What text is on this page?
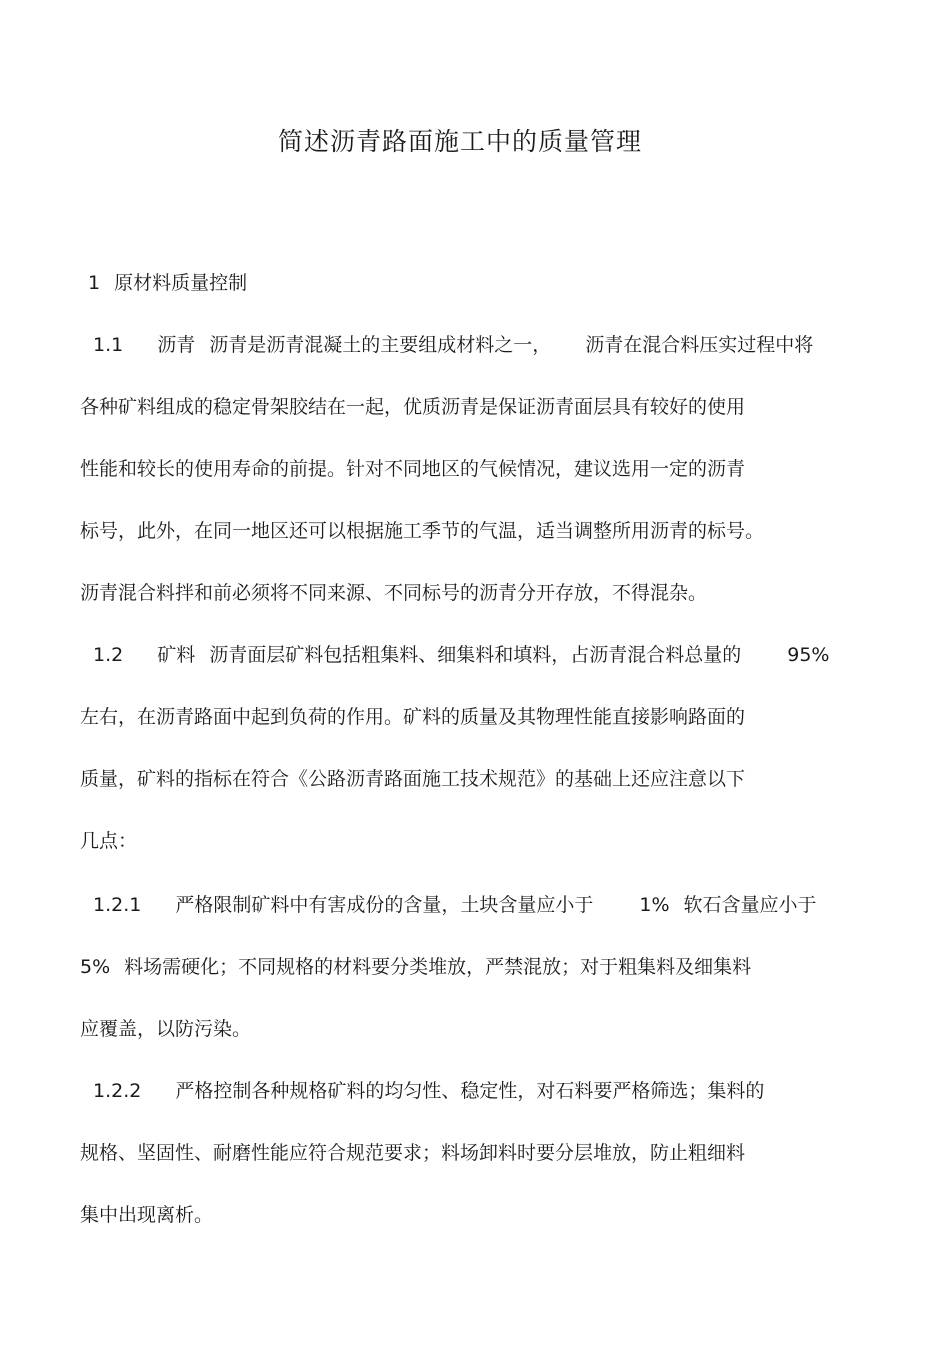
简述沥青路面施工中的质量管理
1 原材料质量控制
1.1 沥青 沥青是沥青混凝土的主要组成材料之一， 沥青在混合料压实过程中将
各种矿料组成的稳定骨架胶结在一起，优质沥青是保证沥青面层具有较好的使用
性能和较长的使用寿命的前提。针对不同地区的气候情况，建议选用一定的沥青
标号，此外，在同一地区还可以根据施工季节的气温，适当调整所用沥青的标号。
沥青混合料拌和前必须将不同来源、不同标号的沥青分开存放，不得混杂。
1.2 矿料 沥青面层矿料包括粗集料、细集料和填料，占沥青混合料总量的 95%
左右，在沥青路面中起到负荷的作用。矿料的质量及其物理性能直接影响路面的
质量，矿料的指标在符合《公路沥青路面施工技术规范》的基础上还应注意以下
几点：
1.2.1 严格限制矿料中有害成份的含量，土块含量应小于 1% 软石含量应小于
5% 料场需硬化；不同规格的材料要分类堆放，严禁混放；对于粗集料及细集料
应覆盖，以防污染。
1.2.2 严格控制各种规格矿料的均匀性、稳定性，对石料要严格筛选；集料的
规格、坚固性、耐磨性能应符合规范要求；料场卸料时要分层堆放，防止粗细料
集中出现离析。
